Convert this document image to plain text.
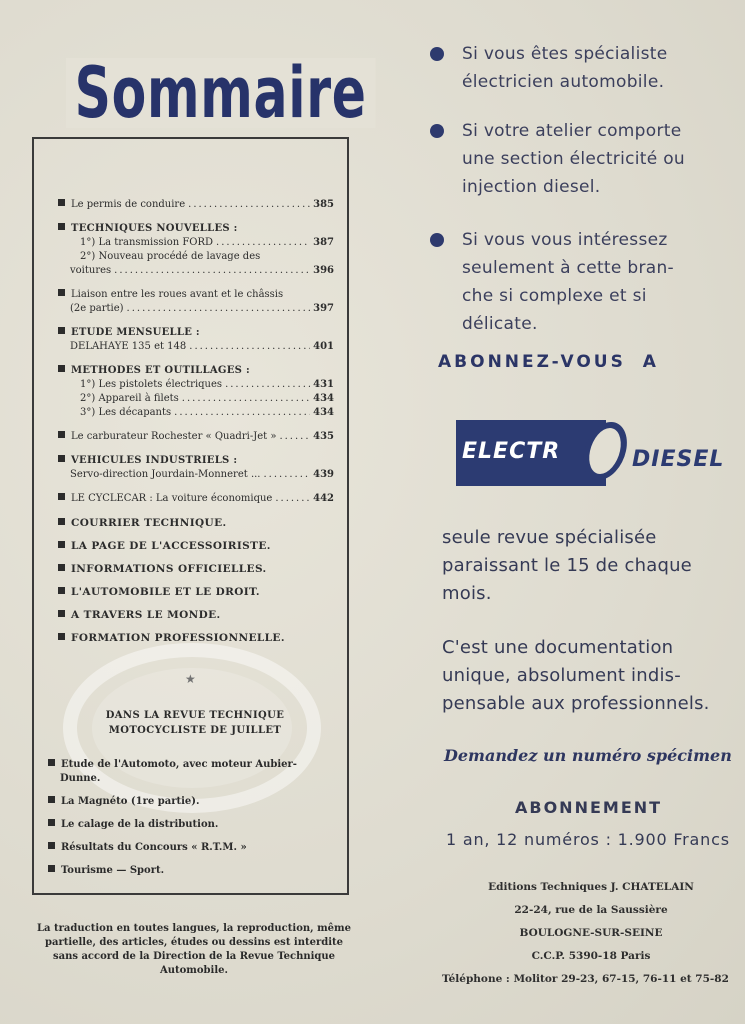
Sommaire
Le permis de conduire .....	385
TECHNIQUES NOUVELLES :
1°) La transmission FORD .....	387
2°) Nouveau procédé de lavage des
voitures .....	396
Liaison entre les roues avant et le châssis
(2e partie) .....	397
ETUDE MENSUELLE :
DELAHAYE 135 et 148 .....	401
METHODES ET OUTILLAGES :
1°) Les pistolets électriques .....	431
2°) Appareil à filets .....	434
3°) Les décapants .....	434
Le carburateur Rochester « Quadri-Jet » .....	435
VEHICULES INDUSTRIELS :
Servo-direction Jourdain-Monneret ... .....	439
LE CYCLECAR : La voiture économique .....	442
COURRIER TECHNIQUE.
LA PAGE DE L'ACCESSOIRISTE.
INFORMATIONS OFFICIELLES.
L'AUTOMOBILE ET LE DROIT.
A TRAVERS LE MONDE.
FORMATION PROFESSIONNELLE.
★
DANS LA REVUE TECHNIQUE
MOTOCYCLISTE DE JUILLET
Etude de l'Automoto, avec moteur Aubier-
Dunne.
La Magnéto (1re partie).
Le calage de la distribution.
Résultats du Concours « R.T.M. »
Tourisme — Sport.
La traduction en toutes langues, la reproduction, même
partielle, des articles, études ou dessins est interdite
sans accord de la Direction de la Revue Technique
Automobile.
Si vous êtes spécialiste
électricien automobile.
Si votre atelier comporte
une section électricité ou
injection diesel.
Si vous vous intéressez
seulement à cette bran-
che si complexe et si
délicate.
ABONNEZ-VOUS A
ELECTR	DIESEL
seule revue spécialisée
paraissant le 15 de chaque
mois.
C'est une documentation
unique, absolument indis-
pensable aux professionnels.
Demandez un numéro spécimen
ABONNEMENT
1 an, 12 numéros : 1.900 Francs
Editions Techniques J. CHATELAIN
22-24, rue de la Saussière
BOULOGNE-SUR-SEINE
C.C.P. 5390-18 Paris
Téléphone : Molitor 29-23, 67-15, 76-11 et 75-82
